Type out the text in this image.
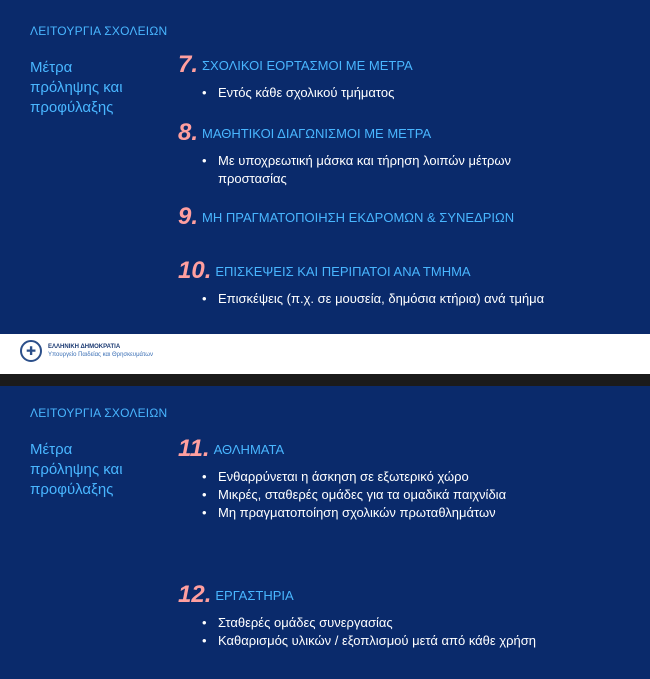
ΛΕΙΤΟΥΡΓΙΑ ΣΧΟΛΕΙΩΝ
Μέτρα
πρόληψης και
προφύλαξης
7. ΣΧΟΛΙΚΟΙ ΕΟΡΤΑΣΜΟΙ ΜΕ ΜΕΤΡΑ
• Εντός κάθε σχολικού τμήματος
8. ΜΑΘΗΤΙΚΟΙ ΔΙΑΓΩΝΙΣΜΟΙ ΜΕ ΜΕΤΡΑ
• Με υποχρεωτική μάσκα και τήρηση λοιπών μέτρων
προστασίας
9. ΜΗ ΠΡΑΓΜΑΤΟΠΟΙΗΣΗ ΕΚΔΡΟΜΩΝ & ΣΥΝΕΔΡΙΩΝ
10. ΕΠΙΣΚΕΨΕΙΣ ΚΑΙ ΠΕΡΙΠΑΤΟΙ ΑΝΑ ΤΜΗΜΑ
• Επισκέψεις (π.χ. σε μουσεία, δημόσια κτήρια) ανά τμήμα
✚	ΕΛΛΗΝΙΚΗ ΔΗΜΟΚΡΑΤΙΑ
Υπουργείο Παιδείας και Θρησκευμάτων
ΛΕΙΤΟΥΡΓΙΑ ΣΧΟΛΕΙΩΝ
Μέτρα
πρόληψης και
προφύλαξης
11. ΑΘΛΗΜΑΤΑ
• Ενθαρρύνεται η άσκηση σε εξωτερικό χώρο
• Μικρές, σταθερές ομάδες για τα ομαδικά παιχνίδια
• Μη πραγματοποίηση σχολικών πρωταθλημάτων
12. ΕΡΓΑΣΤΗΡΙΑ
• Σταθερές ομάδες συνεργασίας
• Καθαρισμός υλικών / εξοπλισμού μετά από κάθε χρήση
